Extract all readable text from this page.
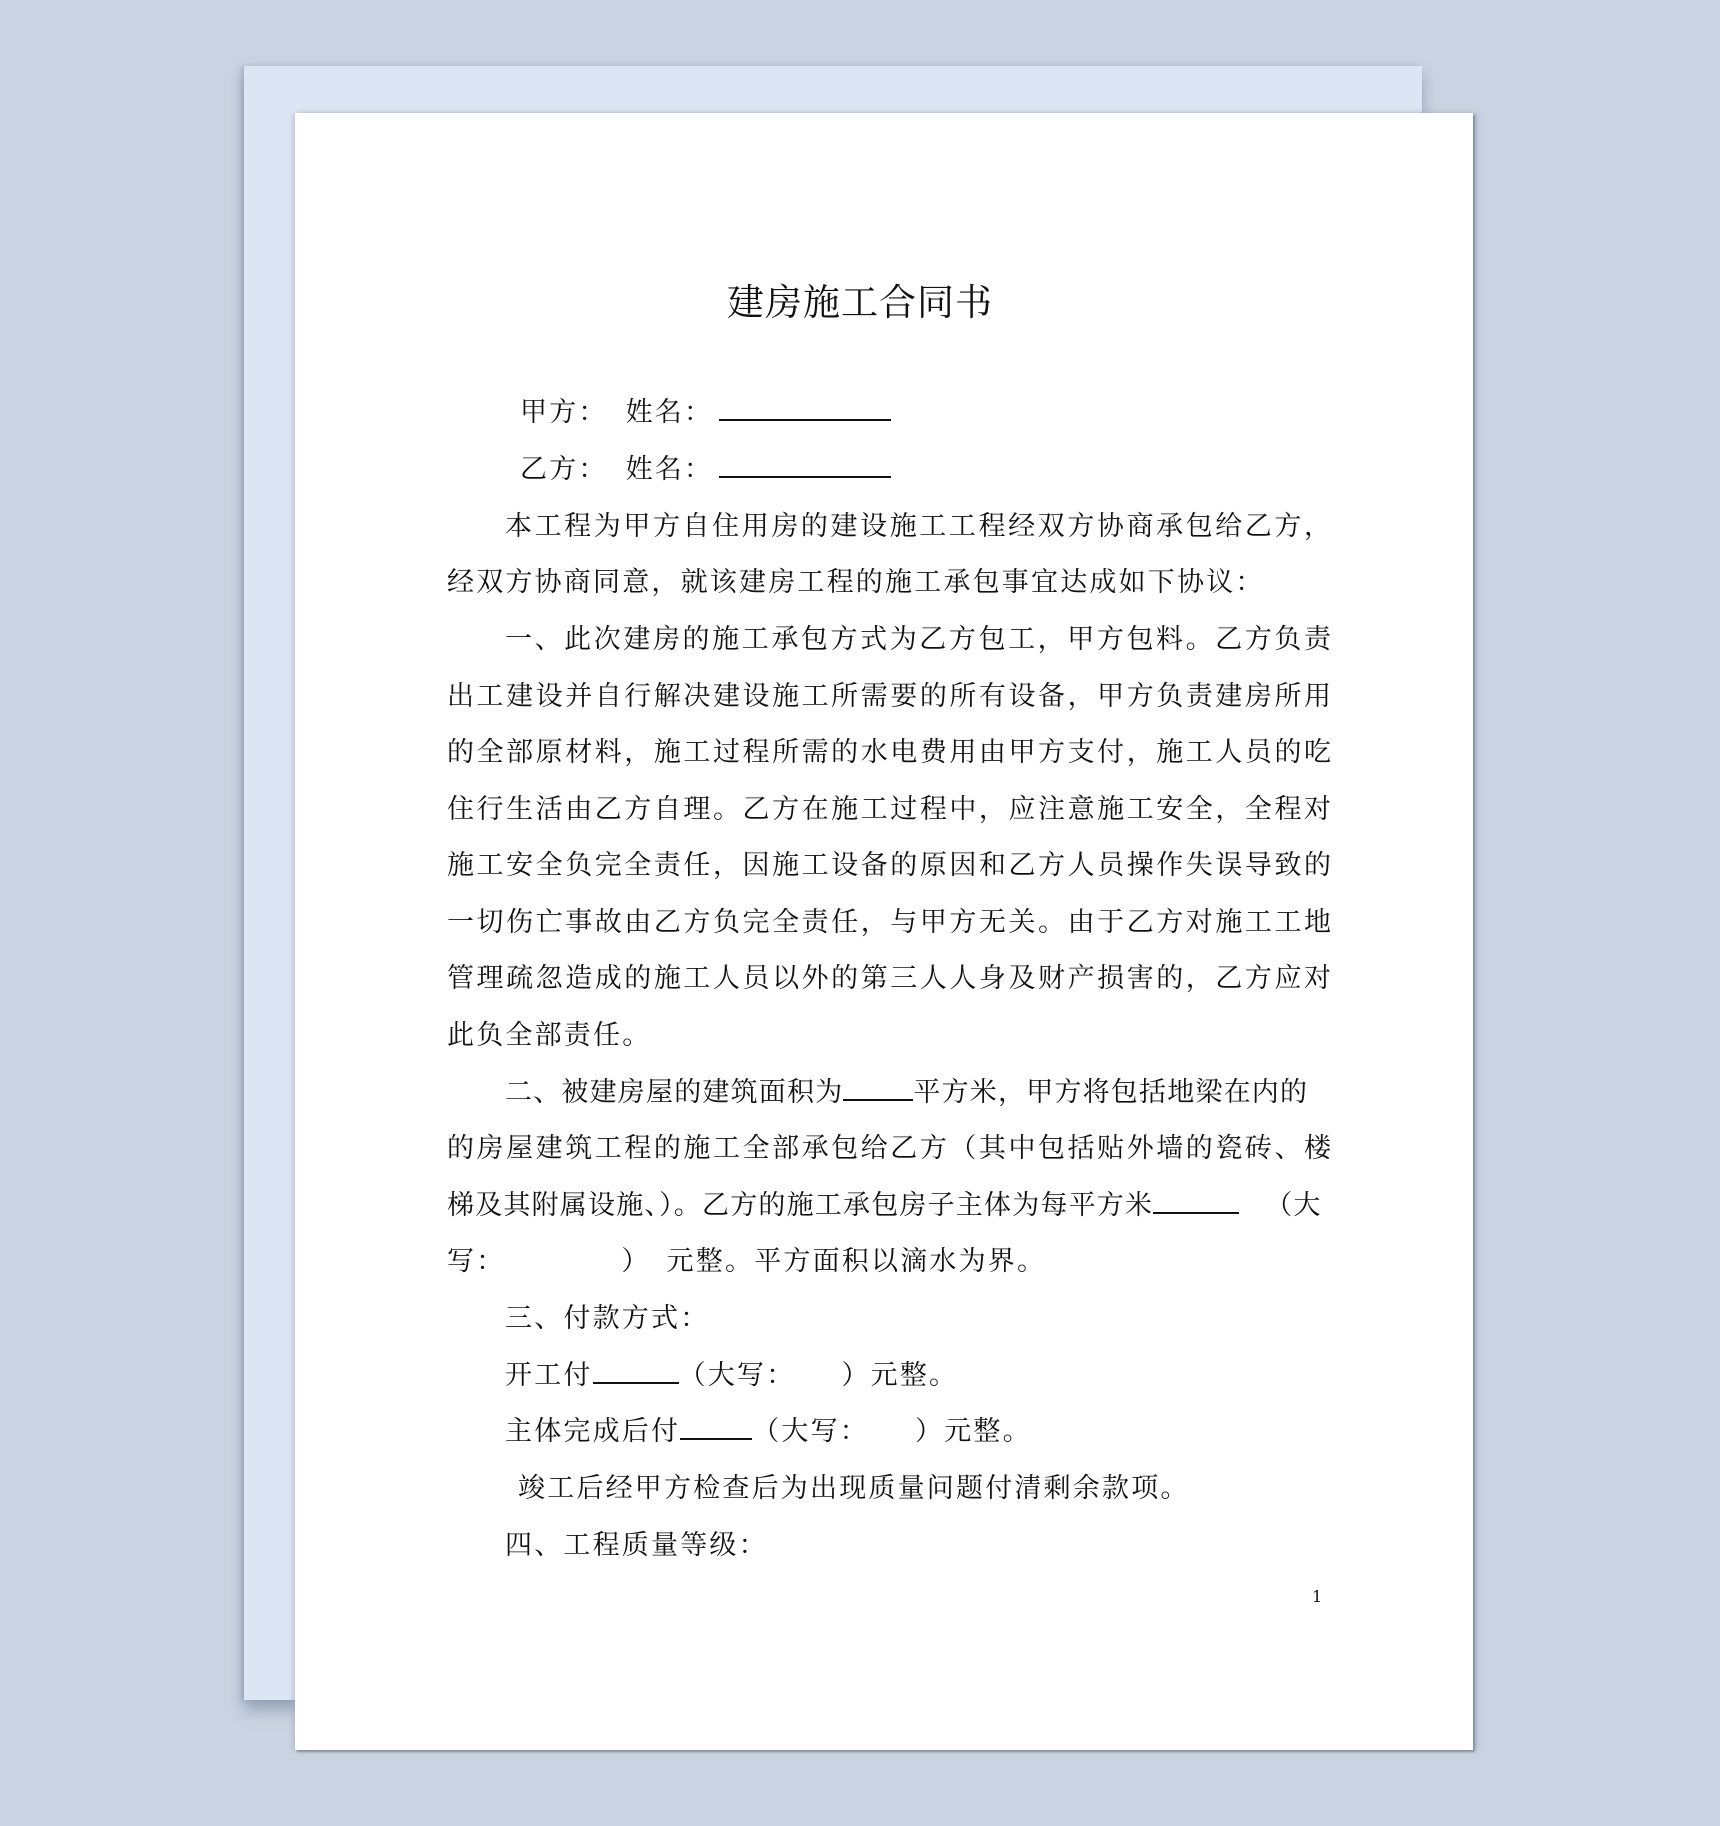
建房施工合同书
甲方： 姓名：
乙方： 姓名：
本工程为甲方自住用房的建设施工工程经双方协商承包给乙方，
经双方协商同意，就该建房工程的施工承包事宜达成如下协议：
一、此次建房的施工承包方式为乙方包工，甲方包料。乙方负责
出工建设并自行解决建设施工所需要的所有设备，甲方负责建房所用
的全部原材料，施工过程所需的水电费用由甲方支付，施工人员的吃
住行生活由乙方自理。乙方在施工过程中，应注意施工安全，全程对
施工安全负完全责任，因施工设备的原因和乙方人员操作失误导致的
一切伤亡事故由乙方负完全责任，与甲方无关。由于乙方对施工工地
管理疏忽造成的施工人员以外的第三人人身及财产损害的，乙方应对
此负全部责任。
二、被建房屋的建筑面积为	平方米，甲方将包括地梁在内的
的房屋建筑工程的施工全部承包给乙方（其中包括贴外墙的瓷砖、楼
梯及其附属设施、）。乙方的施工承包房子主体为每平方米	（大
写：	） 元整。平方面积以滴水为界。
三、付款方式：
开工付	（大写： ）元整。
主体完成后付	（大写： ）元整。
竣工后经甲方检查后为出现质量问题付清剩余款项。
四、工程质量等级：
1
